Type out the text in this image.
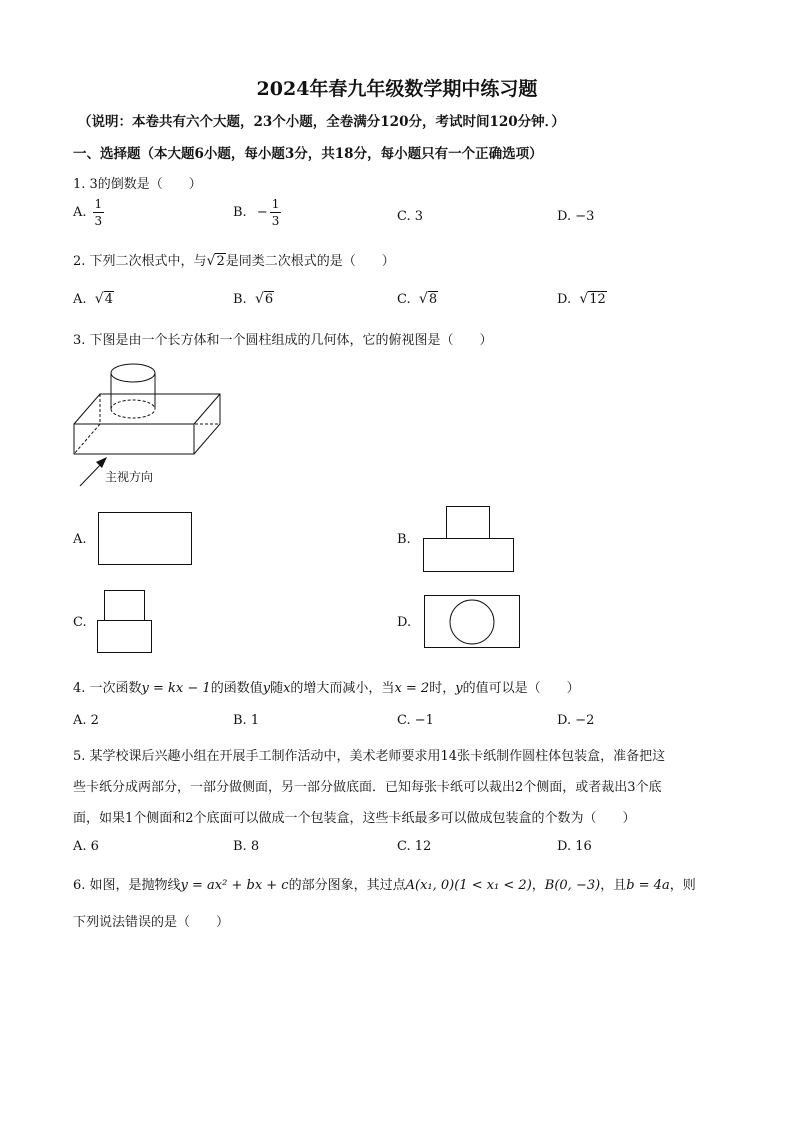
2024年春九年级数学期中练习题
（说明：本卷共有六个大题，23个小题，全卷满分120分，考试时间120分钟．）
一、选择题（本大题6小题，每小题3分，共18分，每小题只有一个正确选项）
1. 3的倒数是（　　）
A. $\frac{1}{3}$	B. − $\frac{1}{3}$	C. 3	D. −3
2. 下列二次根式中，与√2是同类二次根式的是（　　）
A. √4	B. √6	C. √8	D. √12
3. 下图是由一个长方体和一个圆柱组成的几何体，它的俯视图是（　　）
主视方向
A.	B.
C.	D.
4. 一次函数y = kx − 1的函数值y随x的增大而减小，当x = 2时，y的值可以是（　　）
A. 2	B. 1	C. −1	D. −2
5. 某学校课后兴趣小组在开展手工制作活动中，美术老师要求用14张卡纸制作圆柱体包装盒，准备把这
些卡纸分成两部分，一部分做侧面，另一部分做底面．已知每张卡纸可以裁出2个侧面，或者裁出3个底
面，如果1个侧面和2个底面可以做成一个包装盒，这些卡纸最多可以做成包装盒的个数为（　　）
A. 6	B. 8	C. 12	D. 16
6. 如图，是抛物线y = ax² + bx + c的部分图象，其过点A(x₁, 0)(1 < x₁ < 2)，B(0, −3)，且b = 4a，则
下列说法错误的是（　　）
